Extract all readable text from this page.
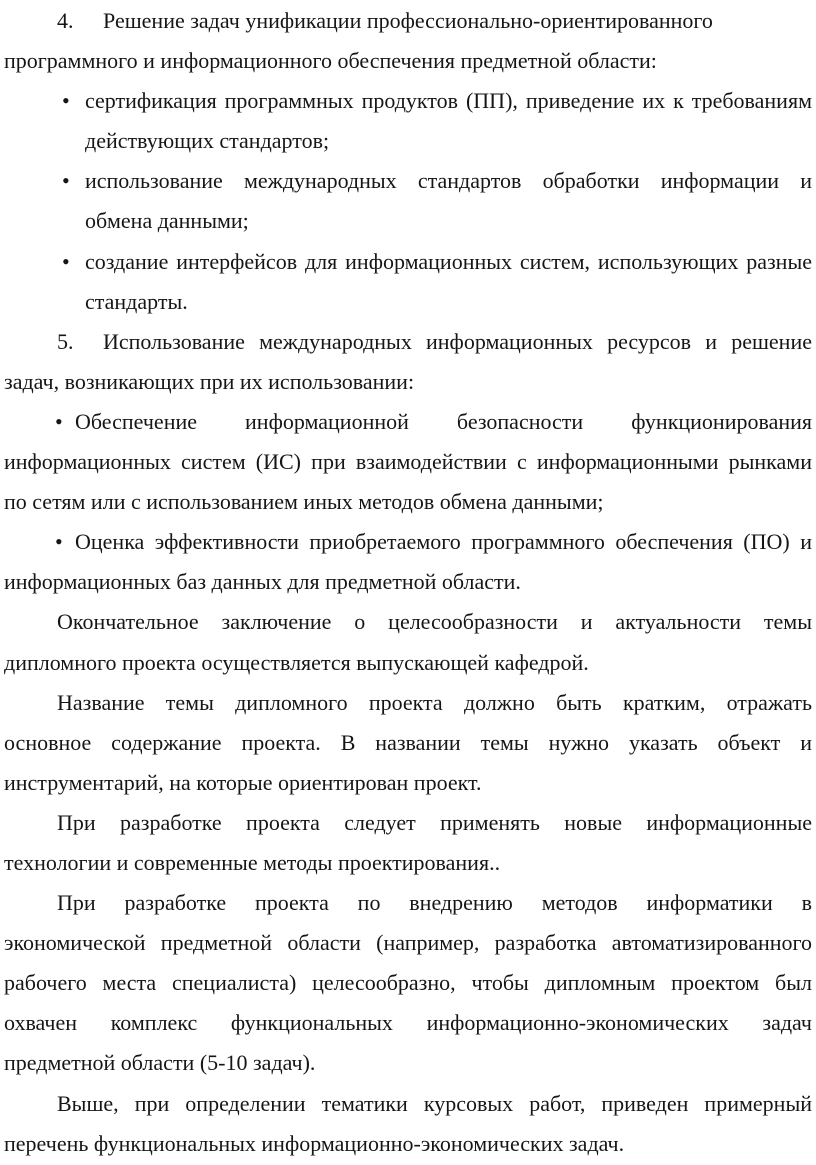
4. Решение задач унификации профессионально-ориентированного
программного и информационного обеспечения предметной области:
• сертификация программных продуктов (ПП), приведение их к требованиям
действующих стандартов;
• использование международных стандартов обработки информации и
обмена данными;
• создание интерфейсов для информационных систем, использующих разные
стандарты.
5. Использование международных информационных ресурсов и решение
задач, возникающих при их использовании:
• Обеспечение информационной безопасности функционирования
информационных систем (ИС) при взаимодействии с информационными рынками
по сетям или с использованием иных методов обмена данными;
• Оценка эффективности приобретаемого программного обеспечения (ПО) и
информационных баз данных для предметной области.
Окончательное заключение о целесообразности и актуальности темы
дипломного проекта осуществляется выпускающей кафедрой.
Название темы дипломного проекта должно быть кратким, отражать
основное содержание проекта. В названии темы нужно указать объект и
инструментарий, на которые ориентирован проект.
При разработке проекта следует применять новые информационные
технологии и современные методы проектирования..
При разработке проекта по внедрению методов информатики в
экономической предметной области (например, разработка автоматизированного
рабочего места специалиста) целесообразно, чтобы дипломным проектом был
охвачен комплекс функциональных информационно-экономических задач
предметной области (5-10 задач).
Выше, при определении тематики курсовых работ, приведен примерный
перечень функциональных информационно-экономических задач.
